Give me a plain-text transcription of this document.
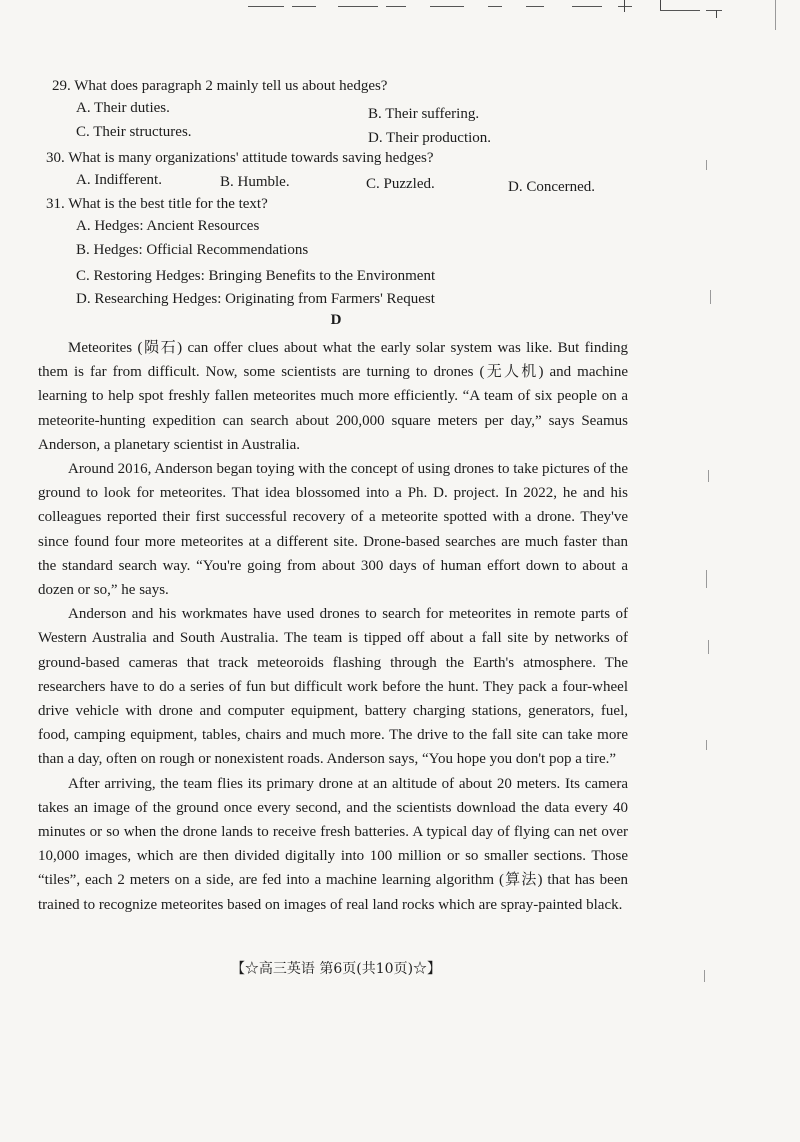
29. What does paragraph 2 mainly tell us about hedges?
A. Their duties.	B. Their suffering.
C. Their structures.	D. Their production.
30. What is many organizations' attitude towards saving hedges?
A. Indifferent.	B. Humble.	C. Puzzled.	D. Concerned.
31. What is the best title for the text?
A. Hedges: Ancient Resources
B. Hedges: Official Recommendations
C. Restoring Hedges: Bringing Benefits to the Environment
D. Researching Hedges: Originating from Farmers' Request
D

Meteorites (陨石) can offer clues about what the early solar system was like. But finding them is far from difficult. Now, some scientists are turning to drones (无人机) and machine learning to help spot freshly fallen meteorites much more efficiently. “A team of six people on a meteorite-hunting expedition can search about 200,000 square meters per day,” says Seamus Anderson, a planetary scientist in Australia.

Around 2016, Anderson began toying with the concept of using drones to take pictures of the ground to look for meteorites. That idea blossomed into a Ph. D. project. In 2022, he and his colleagues reported their first successful recovery of a meteorite spotted with a drone. They've since found four more meteorites at a different site. Drone-based searches are much faster than the standard search way. “You're going from about 300 days of human effort down to about a dozen or so,” he says.

Anderson and his workmates have used drones to search for meteorites in remote parts of Western Australia and South Australia. The team is tipped off about a fall site by networks of ground-based cameras that track meteoroids flashing through the Earth's atmosphere. The researchers have to do a series of fun but difficult work before the hunt. They pack a four-wheel drive vehicle with drone and computer equipment, battery charging stations, generators, fuel, food, camping equipment, tables, chairs and much more. The drive to the fall site can take more than a day, often on rough or nonexistent roads. Anderson says, “You hope you don't pop a tire.”

After arriving, the team flies its primary drone at an altitude of about 20 meters. Its camera takes an image of the ground once every second, and the scientists download the data every 40 minutes or so when the drone lands to receive fresh batteries. A typical day of flying can net over 10,000 images, which are then divided digitally into 100 million or so smaller sections. Those “tiles”, each 2 meters on a side, are fed into a machine learning algorithm (算法) that has been trained to recognize meteorites based on images of real land rocks which are spray-painted black.

【☆高三英语 第6页(共10页)☆】
